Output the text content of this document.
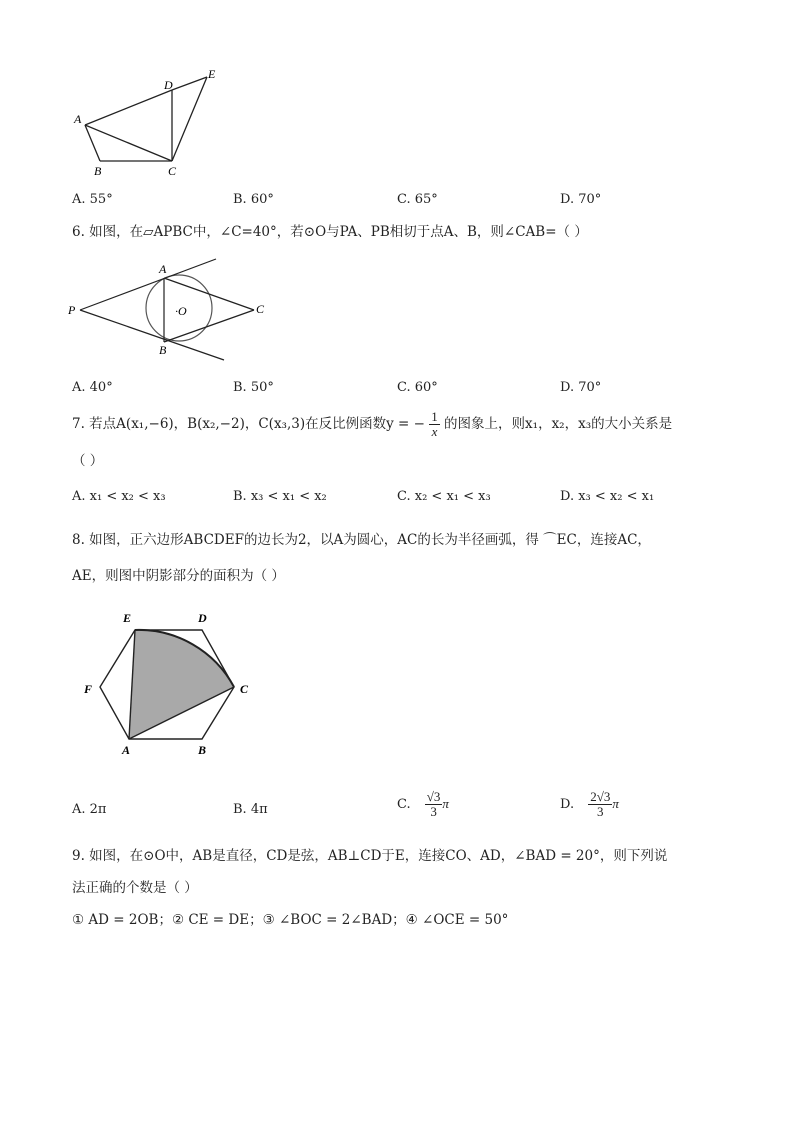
A
B	C
D
E
A. 55°	B. 60°	C. 65°	D. 70°
6. 如图，在▱APBC中，∠C=40°，若⊙O与PA、PB相切于点A、B，则∠CAB=（ ）
P
A
B
C
·O
A. 40°	B. 50°	C. 60°	D. 70°
7. 若点A(x₁,−6)，B(x₂,−2)，C(x₃,3)在反比例函数y = − $\frac{1}{x}$ 的图象上，则x₁，x₂，x₃的大小关系是
（ ）
A. x₁ < x₂ < x₃	B. x₃ < x₁ < x₂	C. x₂ < x₁ < x₃	D. x₃ < x₂ < x₁
8. 如图，正六边形ABCDEF的边长为2，以A为圆心，AC的长为半径画弧，得 ⌒EC，连接AC，
AE，则图中阴影部分的面积为（ ）
A	B
C
D
E
F
A. 2π	B. 4π	C. $\frac{√3}{3}$ π	D. $\frac{2√3}{3}$ π
9. 如图，在⊙O中，AB是直径，CD是弦，AB⊥CD于E，连接CO、AD，∠BAD = 20°，则下列说
法正确的个数是（ ）
① AD = 2OB；② CE = DE；③ ∠BOC = 2∠BAD；④ ∠OCE = 50°
